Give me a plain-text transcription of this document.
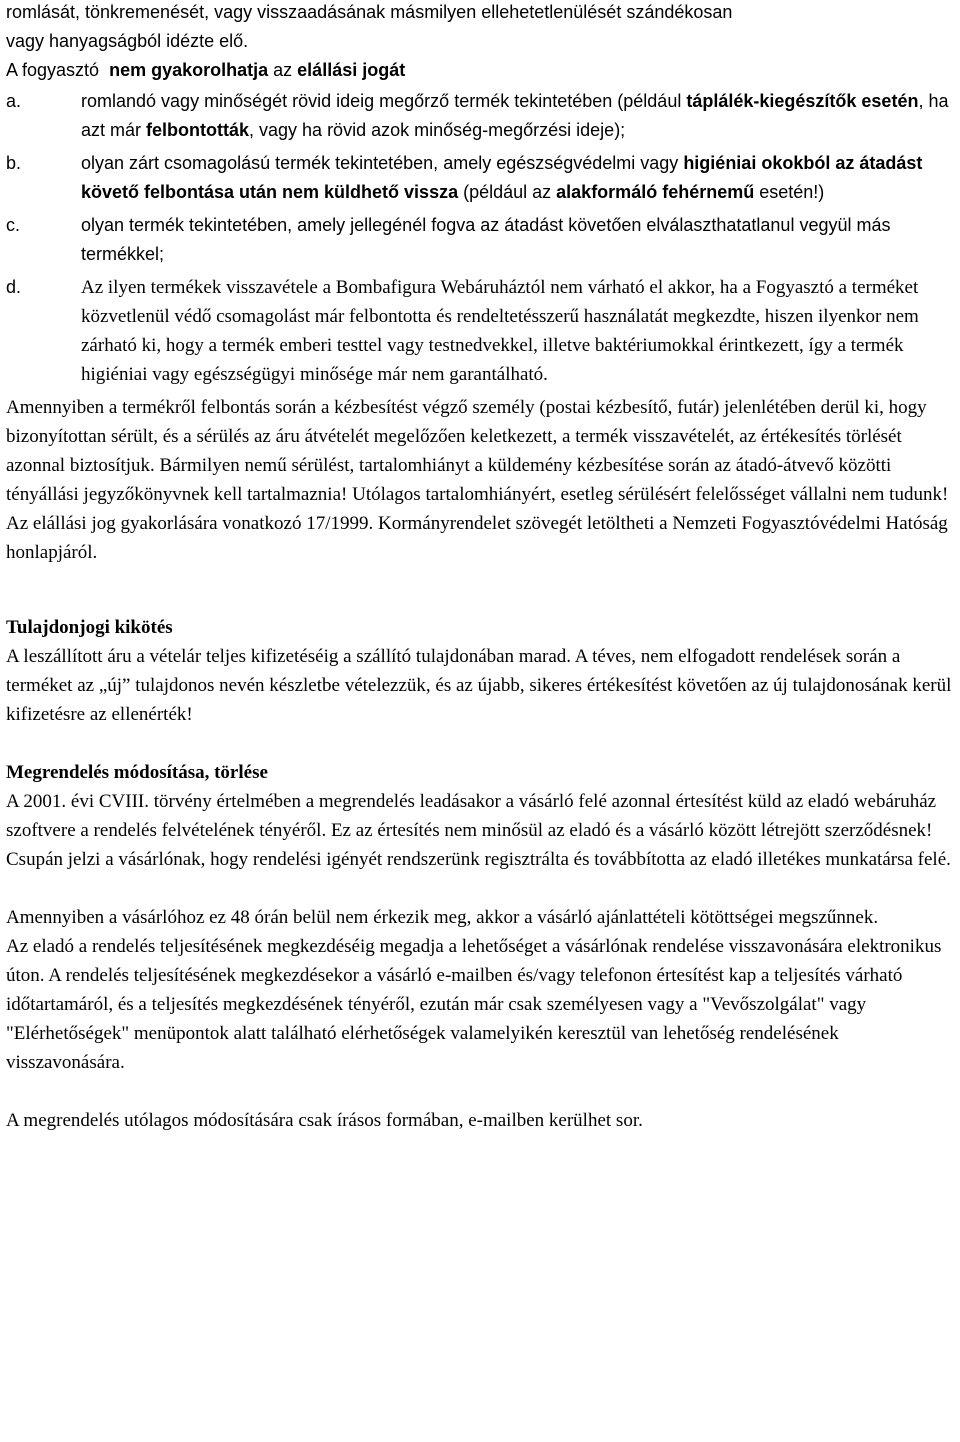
romlását, tönkremenését, vagy visszaadásának másmilyen ellehetetlenülését szándékosan
vagy hanyagságból idézte elő.

A fogyasztó nem gyakorolhatja az elállási jogát

a.	romlandó vagy minőségét rövid ideig megőrző termék tekintetében (például táplálék-kiegészítők esetén, ha azt már felbontották, vagy ha rövid azok minőség-megőrzési ideje);
b.	olyan zárt csomagolású termék tekintetében, amely egészségvédelmi vagy higiéniai okokból az átadást követő felbontása után nem küldhető vissza (például az alakformáló fehérnemű esetén!)
c.	olyan termék tekintetében, amely jellegénél fogva az átadást követően elválaszthatatlanul vegyül más termékkel;
d.	Az ilyen termékek visszavétele a Bombafigura Webáruháztól nem várható el akkor, ha a Fogyasztó a terméket közvetlenül védő csomagolást már felbontotta és rendeltetésszerű használatát megkezdte, hiszen ilyenkor nem zárható ki, hogy a termék emberi testtel vagy testnedvekkel, illetve baktériumokkal érintkezett, így a termék higiéniai vagy egészségügyi minősége már nem garantálható.

Amennyiben a termékről felbontás során a kézbesítést végző személy (postai kézbesítő, futár) jelenlétében derül ki, hogy bizonyítottan sérült, és a sérülés az áru átvételét megelőzően keletkezett, a termék visszavételét, az értékesítés törlését azonnal biztosítjuk. Bármilyen nemű sérülést, tartalomhiányt a küldemény kézbesítése során az átadó-átvevő közötti tényállási jegyzőkönyvnek kell tartalmaznia! Utólagos tartalomhiányért, esetleg sérülésért felelősséget vállalni nem tudunk!

Az elállási jog gyakorlására vonatkozó 17/1999. Kormányrendelet szövegét letöltheti a Nemzeti Fogyasztóvédelmi Hatóság honlapjáról.

Tulajdonjogi kikötés

A leszállított áru a vételár teljes kifizetéséig a szállító tulajdonában marad. A téves, nem elfogadott rendelések során a terméket az „új” tulajdonos nevén készletbe vételezzük, és az újabb, sikeres értékesítést követően az új tulajdonosának kerül kifizetésre az ellenérték!

Megrendelés módosítása, törlése

A 2001. évi CVIII. törvény értelmében a megrendelés leadásakor a vásárló felé azonnal értesítést küld az eladó webáruház szoftvere a rendelés felvételének tényéről. Ez az értesítés nem minősül az eladó és a vásárló között létrejött szerződésnek! Csupán jelzi a vásárlónak, hogy rendelési igényét rendszerünk regisztrálta és továbbította az eladó illetékes munkatársa felé.

Amennyiben a vásárlóhoz ez 48 órán belül nem érkezik meg, akkor a vásárló ajánlattételi kötöttségei megszűnnek.

Az eladó a rendelés teljesítésének megkezdéséig megadja a lehetőséget a vásárlónak rendelése visszavonására elektronikus úton. A rendelés teljesítésének megkezdésekor a vásárló e-mailben és/vagy telefonon értesítést kap a teljesítés várható időtartamáról, és a teljesítés megkezdésének tényéről, ezután már csak személyesen vagy a "Vevőszolgálat" vagy "Elérhetőségek" menüpontok alatt található elérhetőségek valamelyikén keresztül van lehetőség rendelésének visszavonására.

A megrendelés utólagos módosítására csak írásos formában, e-mailben kerülhet sor.
